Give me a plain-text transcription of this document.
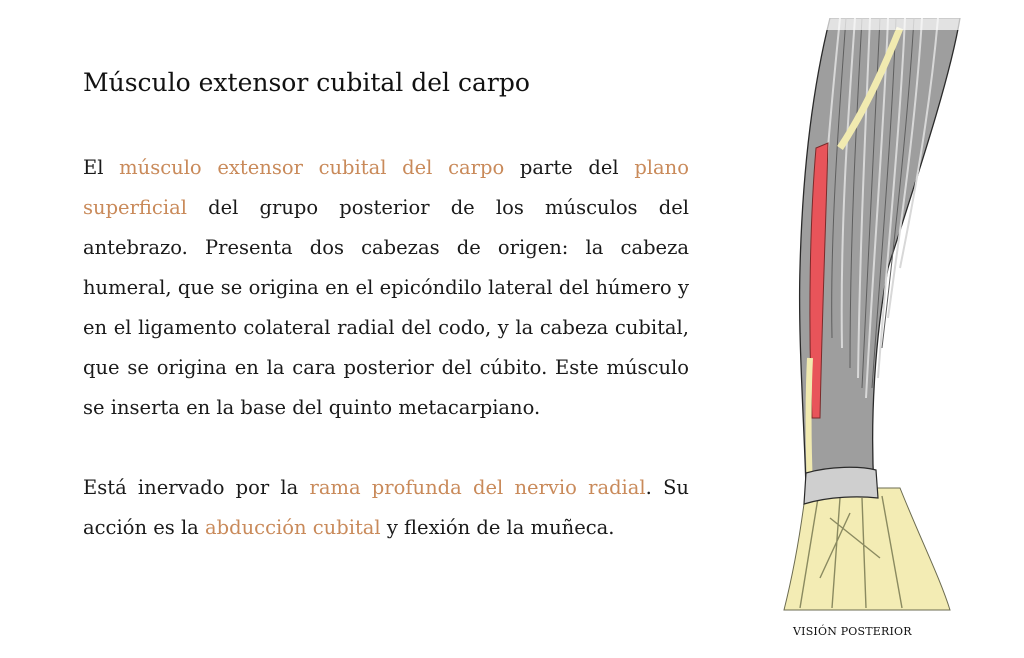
Músculo extensor cubital del carpo

El músculo extensor cubital del carpo parte del plano superficial del grupo posterior de los músculos del antebrazo. Presenta dos cabezas de origen: la cabeza humeral, que se origina en el epicóndilo lateral del húmero y en el ligamento colateral radial del codo, y la cabeza cubital, que se origina en la cara posterior del cúbito. Este músculo se inserta en la base del quinto metacarpiano.

Está inervado por la rama profunda del nervio radial. Su acción es la abducción cubital y flexión de la muñeca.

VISIÓN POSTERIOR
